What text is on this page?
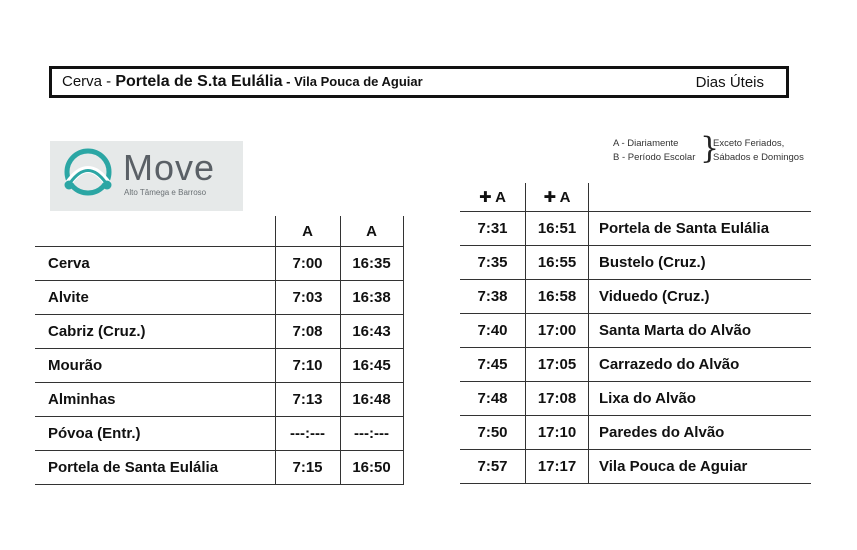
Cerva - Portela de S.ta Eulália - Vila Pouca de Aguiar	Dias Úteis
Move
Alto Tâmega e Barroso
A - Diariamente
B - Período Escolar }
Exceto Feriados,
Sábados e Domingos
	A	A
Cerva	7:00	16:35
Alvite	7:03	16:38
Cabriz (Cruz.)	7:08	16:43
Mourão	7:10	16:45
Alminhas	7:13	16:48
Póvoa (Entr.)	---:---	---:---
Portela de Santa Eulália	7:15	16:50
✚ A	✚ A	
7:31	16:51	Portela de Santa Eulália
7:35	16:55	Bustelo (Cruz.)
7:38	16:58	Viduedo (Cruz.)
7:40	17:00	Santa Marta do Alvão
7:45	17:05	Carrazedo do Alvão
7:48	17:08	Lixa do Alvão
7:50	17:10	Paredes do Alvão
7:57	17:17	Vila Pouca de Aguiar
